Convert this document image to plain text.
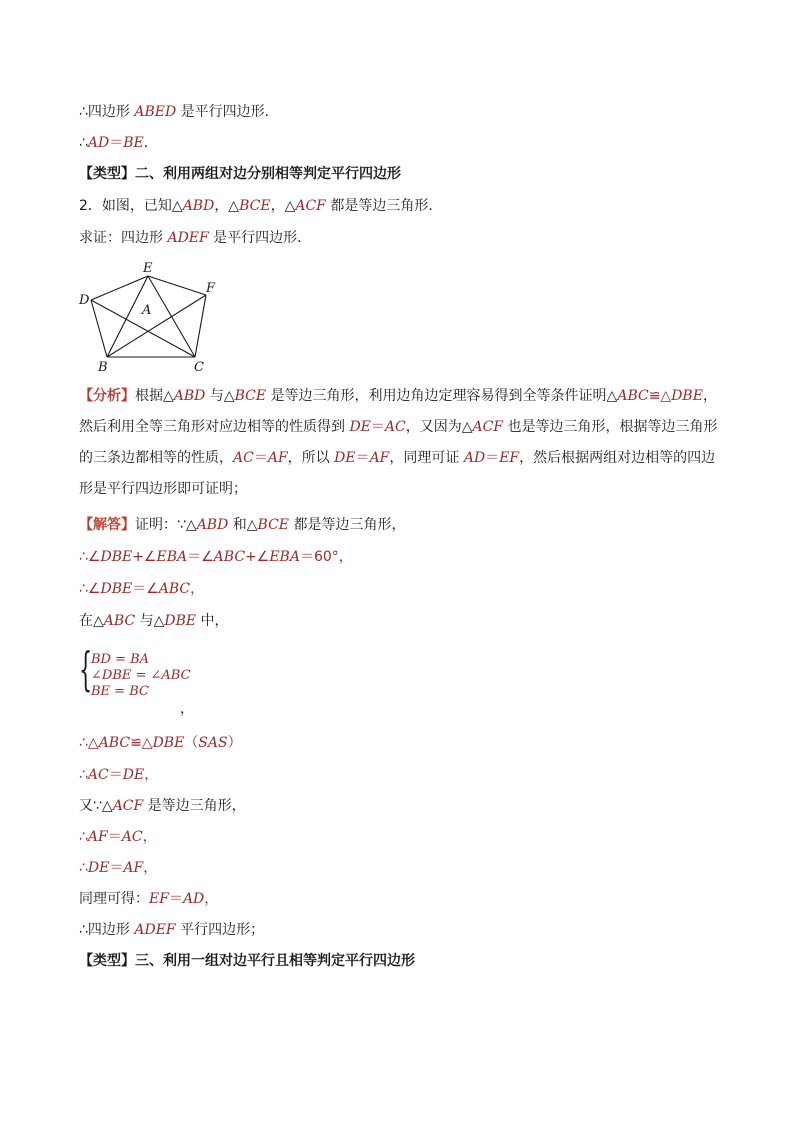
∴四边形 ABED 是平行四边形．
∴AD＝BE．
【类型】二、利用两组对边分别相等判定平行四边形
2．如图，已知△ABD，△BCE，△ACF 都是等边三角形．
求证：四边形 ADEF 是平行四边形．
E
F
D
A
B	C
【分析】根据△ABD 与△BCE 是等边三角形，利用边角边定理容易得到全等条件证明△ABC≌△DBE，然后利用全等三角形对应边相等的性质得到 DE＝AC，又因为△ACF 也是等边三角形，根据等边三角形的三条边都相等的性质，AC＝AF，所以 DE＝AF，同理可证 AD＝EF，然后根据两组对边相等的四边形是平行四边形即可证明；
【解答】证明：∵△ABD 和△BCE 都是等边三角形，
∴∠DBE+∠EBA＝∠ABC+∠EBA＝60°，
∴∠DBE＝∠ABC，
在△ABC 与△DBE 中，
{
BD = BA
∠DBE = ∠ABC
BE = BC
，
∴△ABC≌△DBE（SAS）
∴AC＝DE，
又∵△ACF 是等边三角形，
∴AF＝AC，
∴DE＝AF，
同理可得：EF＝AD，
∴四边形 ADEF 平行四边形；
【类型】三、利用一组对边平行且相等判定平行四边形
